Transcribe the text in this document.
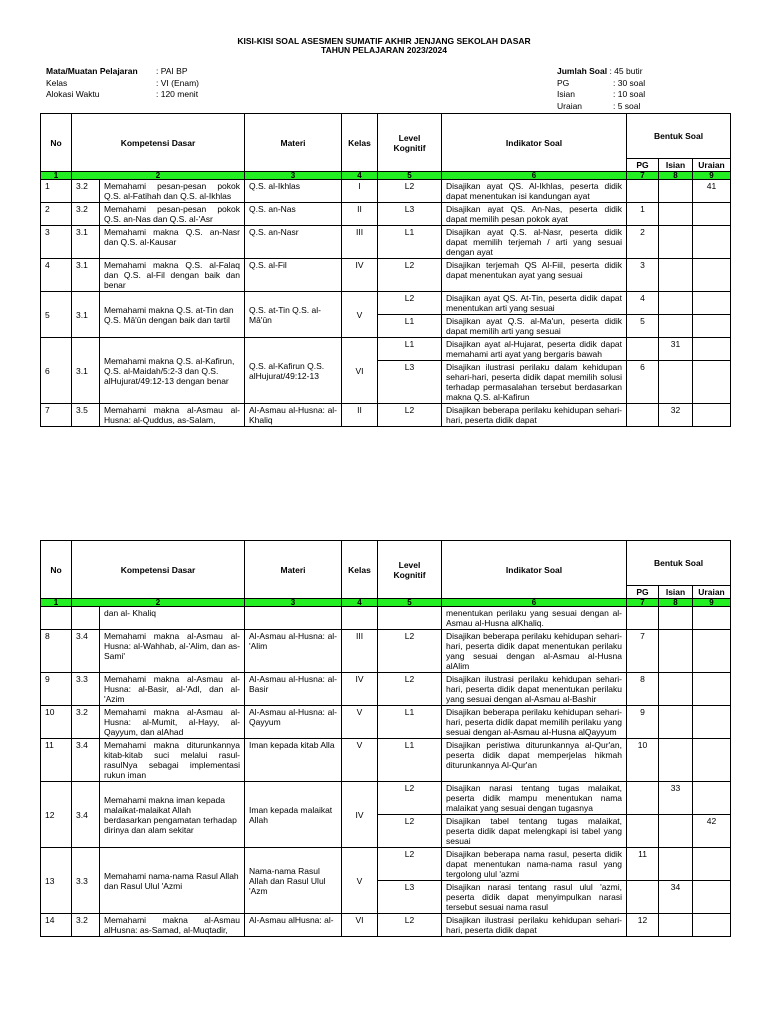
KISI-KISI SOAL ASESMEN SUMATIF AKHIR JENJANG SEKOLAH DASAR
TAHUN PELAJARAN 2023/2024
Mata/Muatan Pelajaran : PAI BP
Kelas	: VI (Enam)
Alokasi Waktu	: 120 menit
Jumlah Soal : 45 butir
PG	: 30 soal
Isian	: 10 soal
Uraian	: 5 soal
No	Kompetensi Dasar		Materi	Kelas	Level Kognitif	Indikator Soal	Bentuk Soal		
							PG	Isian	Uraian
1	2		3	4	5	6	7	8	9
1	3.2	Memahami pesan-pesan pokok Q.S. al-Fatihah dan Q.S. al-Ikhlas	Q.S. al-Ikhlas	I	L2	Disajikan ayat QS. Al-Ikhlas, peserta didik dapat menentukan isi kandungan ayat			41
2	3.2	Memahami pesan-pesan pokok Q.S. an-Nas dan Q.S. al-'Asr	Q.S. an-Nas	II	L3	Disajikan ayat QS. An-Nas, peserta didik dapat memilih pesan pokok ayat	1		
3	3.1	Memahami makna Q.S. an-Nasr dan Q.S. al-Kausar	Q.S. an-Nasr	III	L1	Disajikan ayat Q.S. al-Nasr, peserta didik dapat memilih terjemah / arti yang sesuai dengan ayat	2		
4	3.1	Memahami makna Q.S. al-Falaq dan Q.S. al-Fil dengan baik dan benar	Q.S. al-Fil	IV	L2	Disajikan terjemah QS Al-Fiil, peserta didik dapat menentukan ayat yang sesuai	3		
5	3.1	Memahami makna Q.S. at-Tin dan Q.S. Mā'ūn dengan baik dan tartil	Q.S. at-Tin Q.S. al-Mā'ūn	V	L2	Disajikan ayat QS. At-Tin, peserta didik dapat menentukan arti yang sesuai	4		
					L1	Disajikan ayat Q.S. al-Ma'un, peserta didik dapat memilih arti yang sesuai	5		
6	3.1	Memahami makna Q.S. al-Kafirun, Q.S. al-Maidah/5:2-3 dan Q.S. alHujurat/49:12-13 dengan benar	Q.S. al-Kafirun Q.S. alHujurat/49:12-13	VI	L1	Disajikan ayat al-Hujarat, peserta didik dapat memahami arti ayat yang bergaris bawah		31	
					L3	Disajikan ilustrasi perilaku dalam kehidupan sehari-hari, peserta didik dapat memilih solusi terhadap permasalahan tersebut berdasarkan makna Q.S. al-Kafirun	6		
7	3.5	Memahami makna al-Asmau al-Husna: al-Quddus, as-Salam,	Al-Asmau al-Husna: al-Khaliq	II	L2	Disajikan beberapa perilaku kehidupan sehari-hari, peserta didik dapat		32	
No	Kompetensi Dasar		Materi	Kelas	Level Kognitif	Indikator Soal	Bentuk Soal		
							PG	Isian	Uraian
1	2		3	4	5	6	7	8	9
		dan al- Khaliq				menentukan perilaku yang sesuai dengan al-Asmau al-Husna alKhaliq.			
8	3.4	Memahami makna al-Asmau al-Husna: al-Wahhab, al-'Alim, dan as-Sami'	Al-Asmau al-Husna: al-'Alim	III	L2	Disajikan beberapa perilaku kehidupan sehari-hari, peserta didik dapat menentukan perilaku yang sesuai dengan al-Asmau al-Husna alAlim	7		
9	3.3	Memahami makna al-Asmau al-Husna: al-Basir, al-'Adl, dan al-'Azim	Al-Asmau al-Husna: al-Basir	IV	L2	Disajikan ilustrasi perilaku kehidupan sehari-hari, peserta didik dapat menentukan perilaku yang sesuai dengan al-Asmau al-Bashir	8		
10	3.2	Memahami makna al-Asmau al-Husna: al-Mumit, al-Hayy, al-Qayyum, dan alAhad	Al-Asmau al-Husna: al- Qayyum	V	L1	Disajikan beberapa perilaku kehidupan sehari-hari, peserta didik dapat memilih perilaku yang sesuai dengan al-Asmau al-Husna alQayyum	9		
11	3.4	Memahami makna diturunkannya kitab-kitab suci melalui rasul-rasulNya sebagai implementasi rukun iman	Iman kepada kitab Alla	V	L1	Disajikan peristiwa diturunkannya al-Qur'an, peserta didik dapat memperjelas hikmah diturunkannya Al-Qur'an	10		
12	3.4	Memahami makna iman kepada malaikat-malaikat Allah berdasarkan pengamatan terhadap dirinya dan alam sekitar	Iman kepada malaikat Allah	IV	L2	Disajikan narasi tentang tugas malaikat, peserta didik mampu menentukan nama malaikat yang sesuai dengan tugasnya		33	
					L2	Disajikan tabel tentang tugas malaikat, peserta didik dapat melengkapi isi tabel yang sesuai			42
13	3.3	Memahami nama-nama Rasul Allah dan Rasul Ulul 'Azmi	Nama-nama Rasul Allah dan Rasul Ulul 'Azm	V	L2	Disajikan beberapa nama rasul, peserta didik dapat menentukan nama-nama rasul yang tergolong ulul 'azmi	11		
					L3	Disajikan narasi tentang rasul ulul 'azmi, peserta didik dapat menyimpulkan narasi tersebut sesuai nama rasul		34	
14	3.2	Memahami makna al-Asmau alHusna: as-Samad, al-Muqtadir,	Al-Asmau alHusna: al-	VI	L2	Disajikan ilustrasi perilaku kehidupan sehari-hari, peserta didik dapat	12		
